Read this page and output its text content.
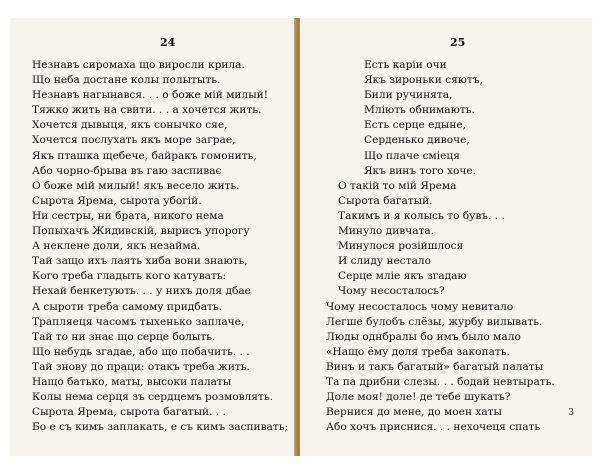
24
Незнавъ сиромаха що виросли крила.
Що неба достане колы полытыть.
Незнавъ нагынався. . . о боже мiй милый!
Тяжко жить на свити. . . а хочется жить.
Хочется дывыця, якъ сонычко сяе,
Хочется послухать якъ море заграе,
Якъ пташка щебече, байракъ гомонить,
Або чорно-брыва въ гаю заспиває
О боже мiй милый! якъ весело жить.
Сырота Ярема, сырота убогiй.
Ни сестры, ни брата, никого нема
Попыхачъ Жидивскiй, вырисъ упорогу
А неклене доли, якъ незайма.
Тай защо ихъ лаять хиба вони знають,
Кого треба гладыть кого катувать:
Нехай бенкетують. . . у нихъ доля дбае
А сыроти треба самому придбать.
Трапляеця часомъ тыхенько заплаче,
Тай то ни знає що серце болыть.
Що небудь згадае, або що побачить. . .
Тай знову до праци: отакъ треба жить.
Нащо батько, маты, высоки палаты
Колы нема серця зъ сердцемъ розмовлять.
Сырота Ярема, сырота багатый. . .
Бо е съ кимъ заплакать, е съ кимъ заспивать;
25
Есть карiи очи
Якъ зироньки сяютъ,
Били ручинята,
Млiють обнимають.
Есть серце едыне,
Серденько дивоче,
Що плаче смiеця
Якъ винъ того хоче.
О такiй то мiй Ярема
Сырота багатый.
Такимъ и я колысь то бувъ. . .
Минуло дивчата.
Минулося розiйшлося
И слиду нестало
Серце млiе якъ згадаю
Чому несосталось?
Чому несосталось чому невитало
Легше булобъ слёзы, журбу вилывать.
Люды однбралы бо имъ было мало
«Нащо ёму доля треба закопать.
Винъ и такъ багатый» багатый палаты
Та па дрибни слезы. . . бодай невтырать.
Доле моя! доле! де тебе шукать?
Вернися до мене, до моен хаты
Або хочъ приснися. . . нехочеця спать
3
